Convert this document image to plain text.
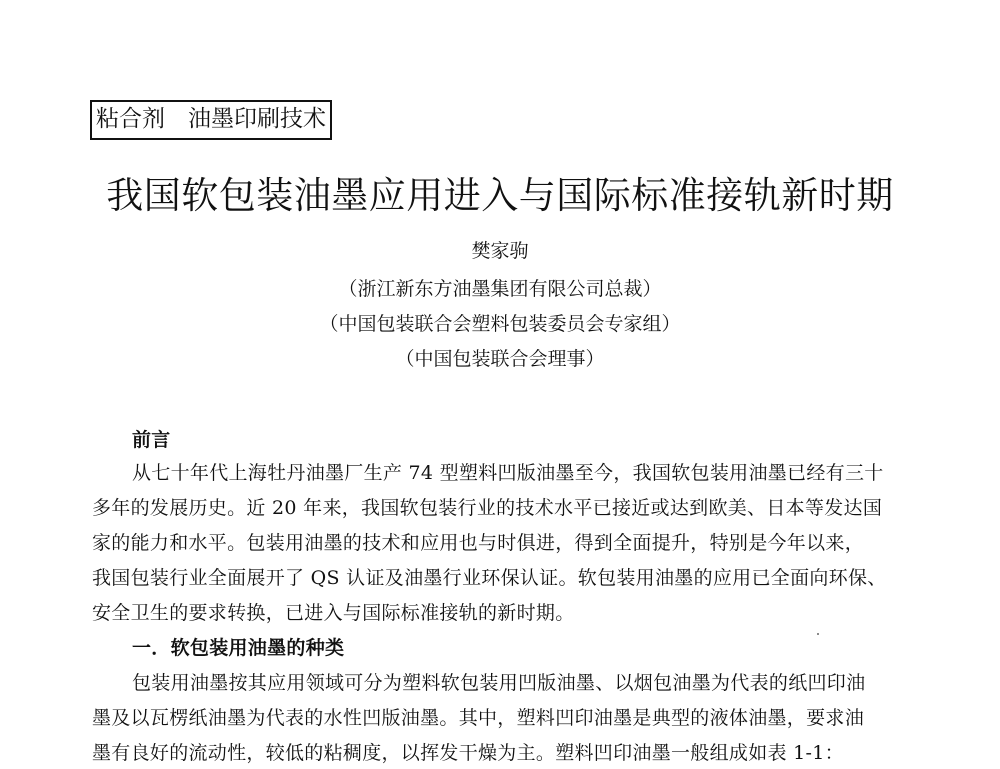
粘合剂　油墨印刷技术
我国软包装油墨应用进入与国际标准接轨新时期
樊家驹
（浙江新东方油墨集团有限公司总裁）
（中国包装联合会塑料包装委员会专家组）
（中国包装联合会理事）
前言
从七十年代上海牡丹油墨厂生产 74 型塑料凹版油墨至今，我国软包装用油墨已经有三十
多年的发展历史。近 20 年来，我国软包装行业的技术水平已接近或达到欧美、日本等发达国
家的能力和水平。包装用油墨的技术和应用也与时俱进，得到全面提升，特别是今年以来，
我国包装行业全面展开了 QS 认证及油墨行业环保认证。软包装用油墨的应用已全面向环保、
安全卫生的要求转换，已进入与国际标准接轨的新时期。
一．软包装用油墨的种类
包装用油墨按其应用领域可分为塑料软包装用凹版油墨、以烟包油墨为代表的纸凹印油
墨及以瓦楞纸油墨为代表的水性凹版油墨。其中，塑料凹印油墨是典型的液体油墨，要求油
墨有良好的流动性，较低的粘稠度，以挥发干燥为主。塑料凹印油墨一般组成如表 1-1：
